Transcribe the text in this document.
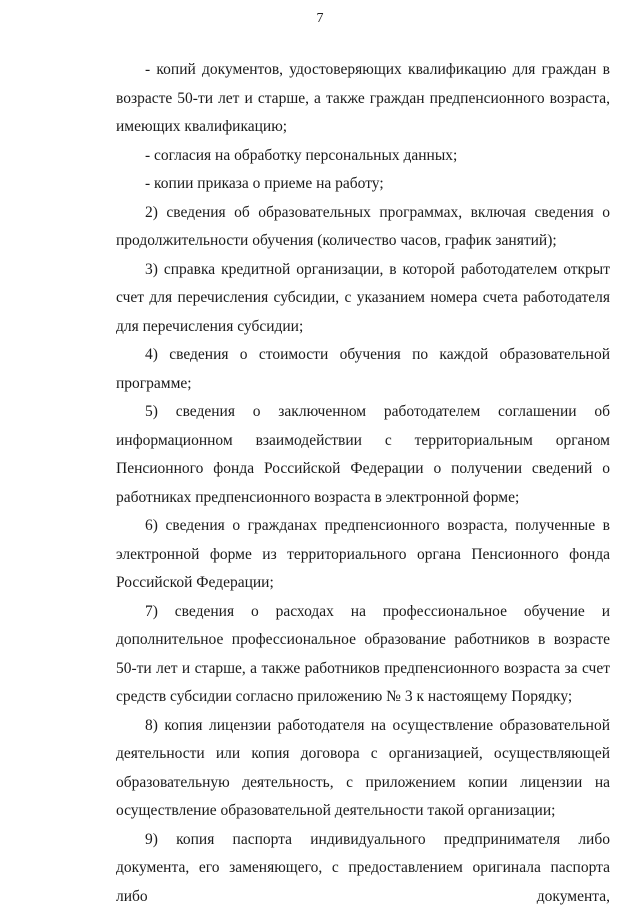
7

- копий документов, удостоверяющих квалификацию для граждан в возрасте 50-ти лет и старше, а также граждан предпенсионного возраста, имеющих квалификацию;

- согласия на обработку персональных данных;

- копии приказа о приеме на работу;

2) сведения об образовательных программах, включая сведения о продолжительности обучения (количество часов, график занятий);

3) справка кредитной организации, в которой работодателем открыт счет для перечисления субсидии, с указанием номера счета работодателя для перечисления субсидии;

4) сведения о стоимости обучения по каждой образовательной программе;

5) сведения о заключенном работодателем соглашении об информационном взаимодействии с территориальным органом Пенсионного фонда Российской Федерации о получении сведений о работниках предпенсионного возраста в электронной форме;

6) сведения о гражданах предпенсионного возраста, полученные в электронной форме из территориального органа Пенсионного фонда Российской Федерации;

7) сведения о расходах на профессиональное обучение и дополнительное профессиональное образование работников в возрасте 50-ти лет и старше, а также работников предпенсионного возраста за счет средств субсидии согласно приложению № 3 к настоящему Порядку;

8) копия лицензии работодателя на осуществление образовательной деятельности или копия договора с организацией, осуществляющей образовательную деятельность, с приложением копии лицензии на осуществление образовательной деятельности такой организации;

9) копия паспорта индивидуального предпринимателя либо документа, его заменяющего, с предоставлением оригинала паспорта либо документа,
